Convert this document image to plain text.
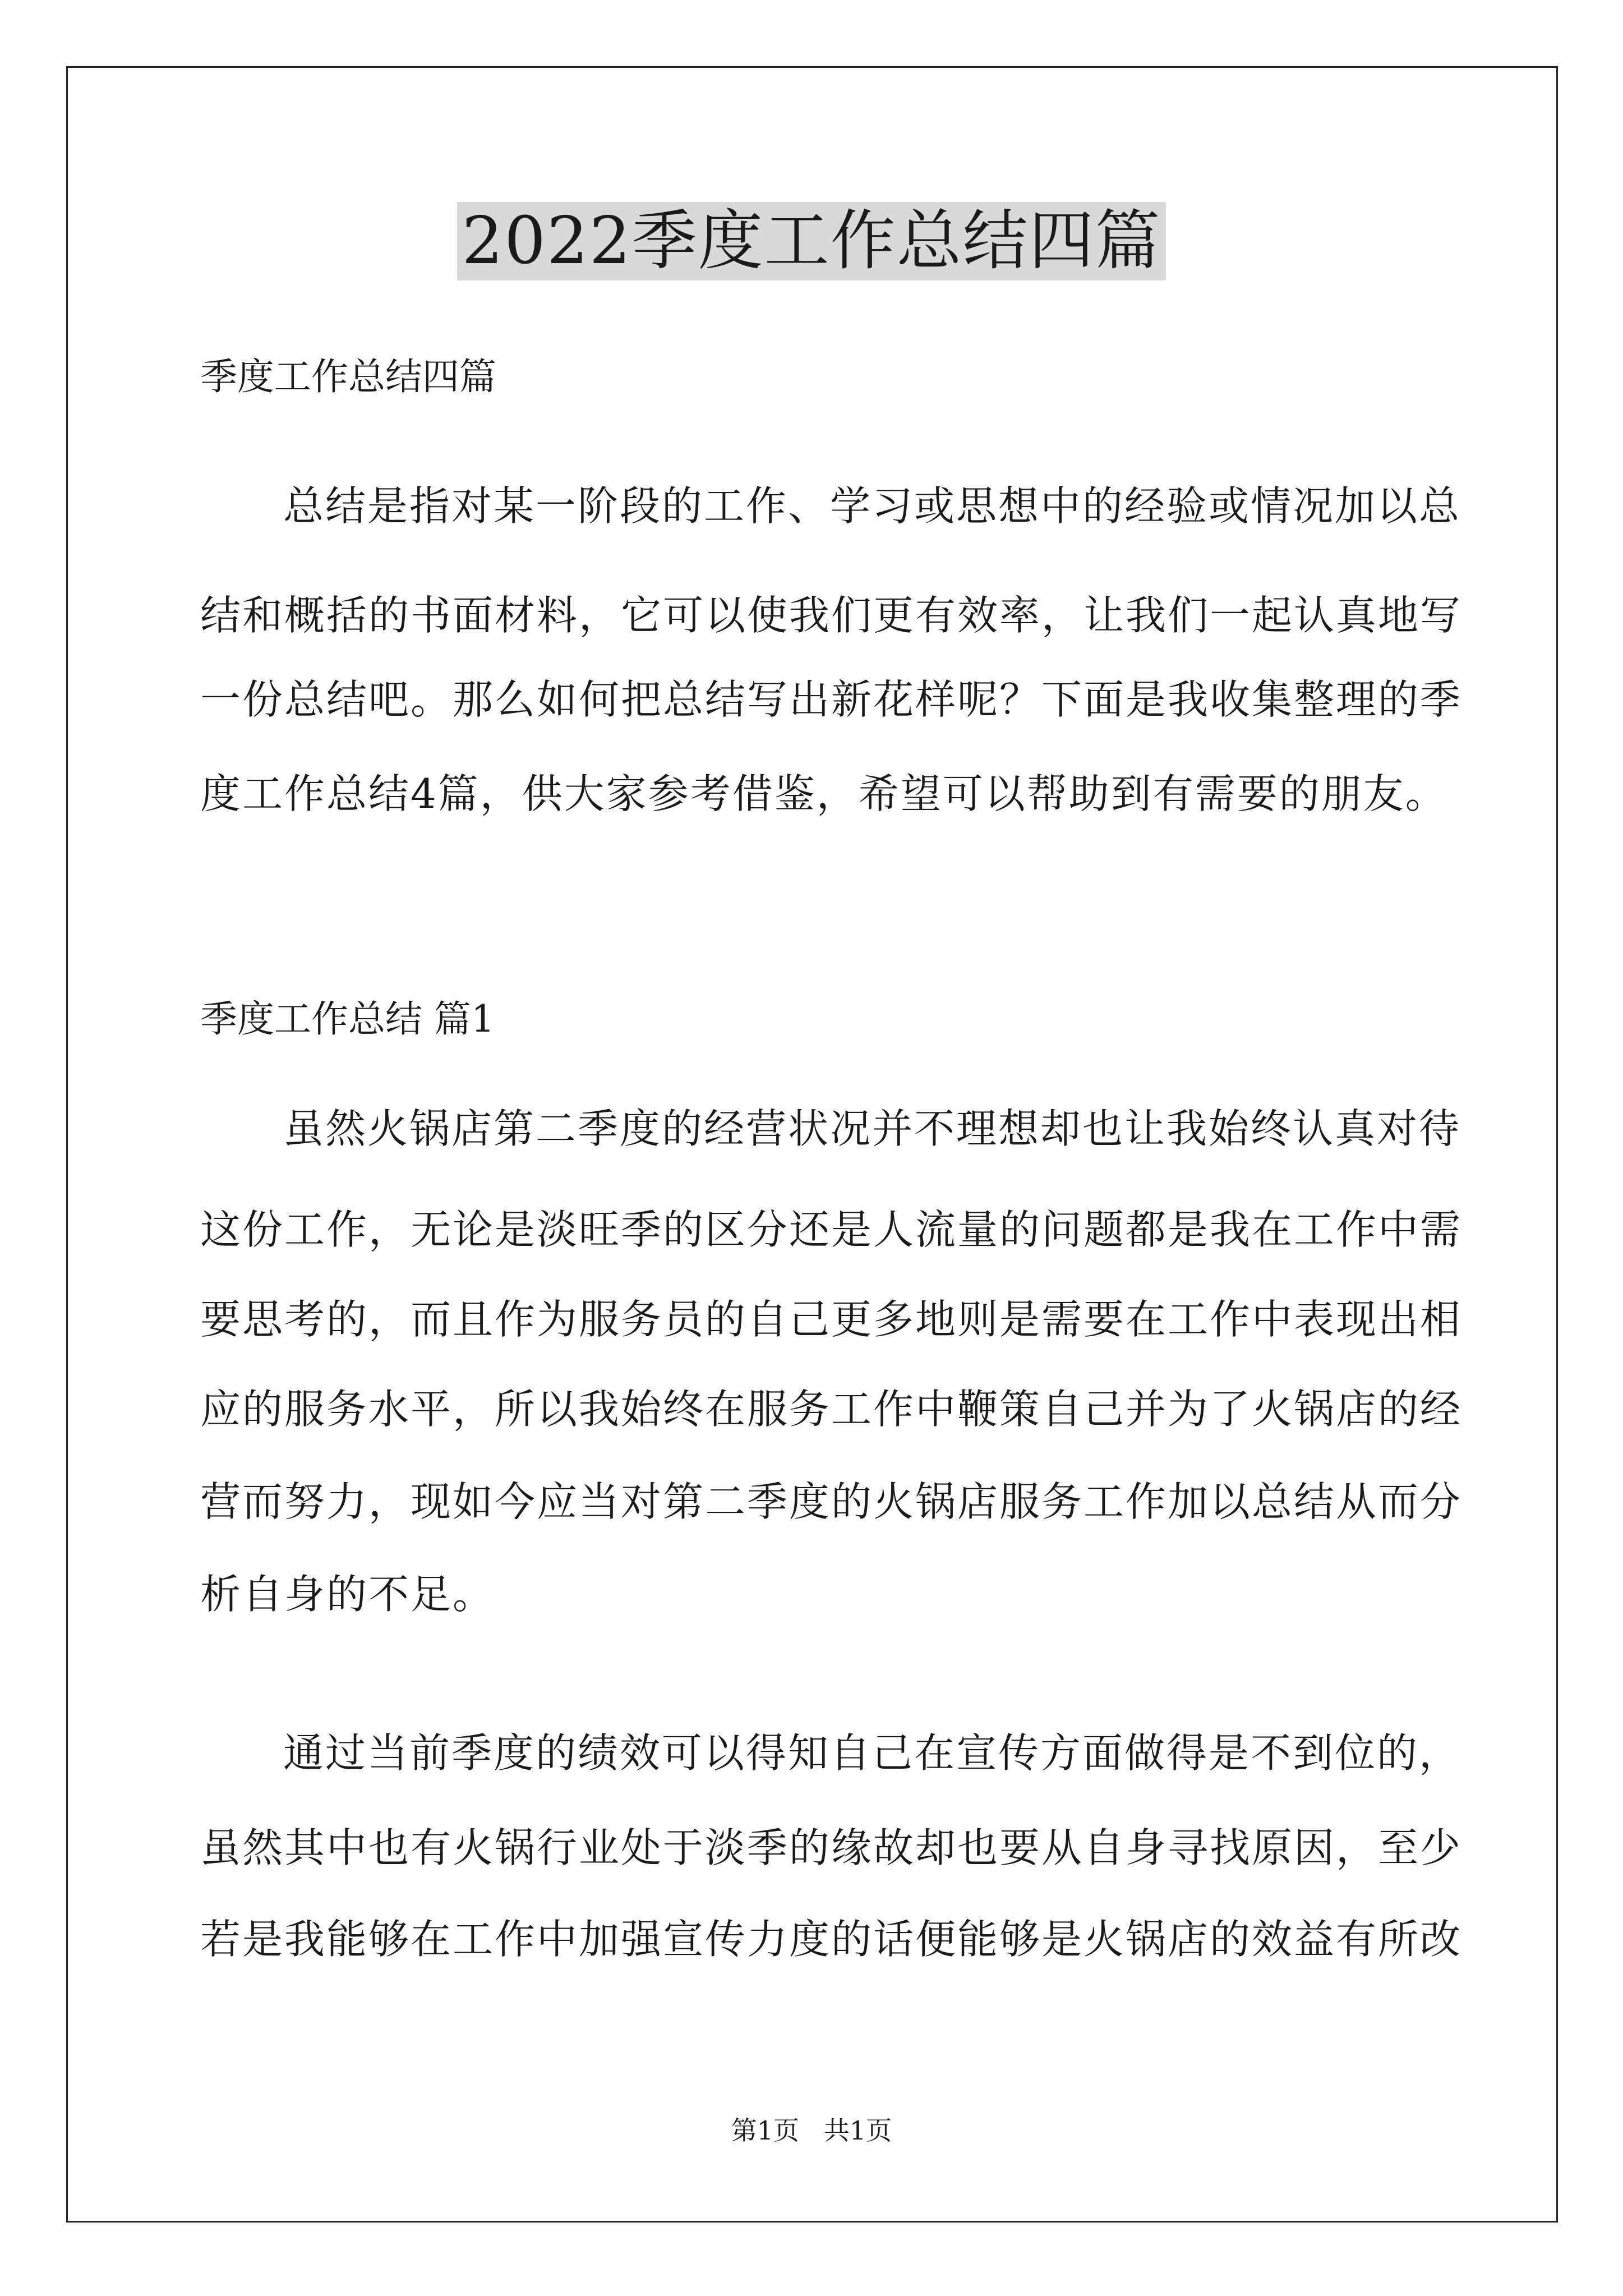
2022季度工作总结四篇
季度工作总结四篇
总结是指对某一阶段的工作、学习或思想中的经验或情况加以总
结和概括的书面材料，它可以使我们更有效率，让我们一起认真地写
一份总结吧。那么如何把总结写出新花样呢？下面是我收集整理的季
度工作总结4篇，供大家参考借鉴，希望可以帮助到有需要的朋友。
季度工作总结 篇1
虽然火锅店第二季度的经营状况并不理想却也让我始终认真对待
这份工作，无论是淡旺季的区分还是人流量的问题都是我在工作中需
要思考的，而且作为服务员的自己更多地则是需要在工作中表现出相
应的服务水平，所以我始终在服务工作中鞭策自己并为了火锅店的经
营而努力，现如今应当对第二季度的火锅店服务工作加以总结从而分
析自身的不足。
通过当前季度的绩效可以得知自己在宣传方面做得是不到位的，
虽然其中也有火锅行业处于淡季的缘故却也要从自身寻找原因，至少
若是我能够在工作中加强宣传力度的话便能够是火锅店的效益有所改
第1页   共1页
